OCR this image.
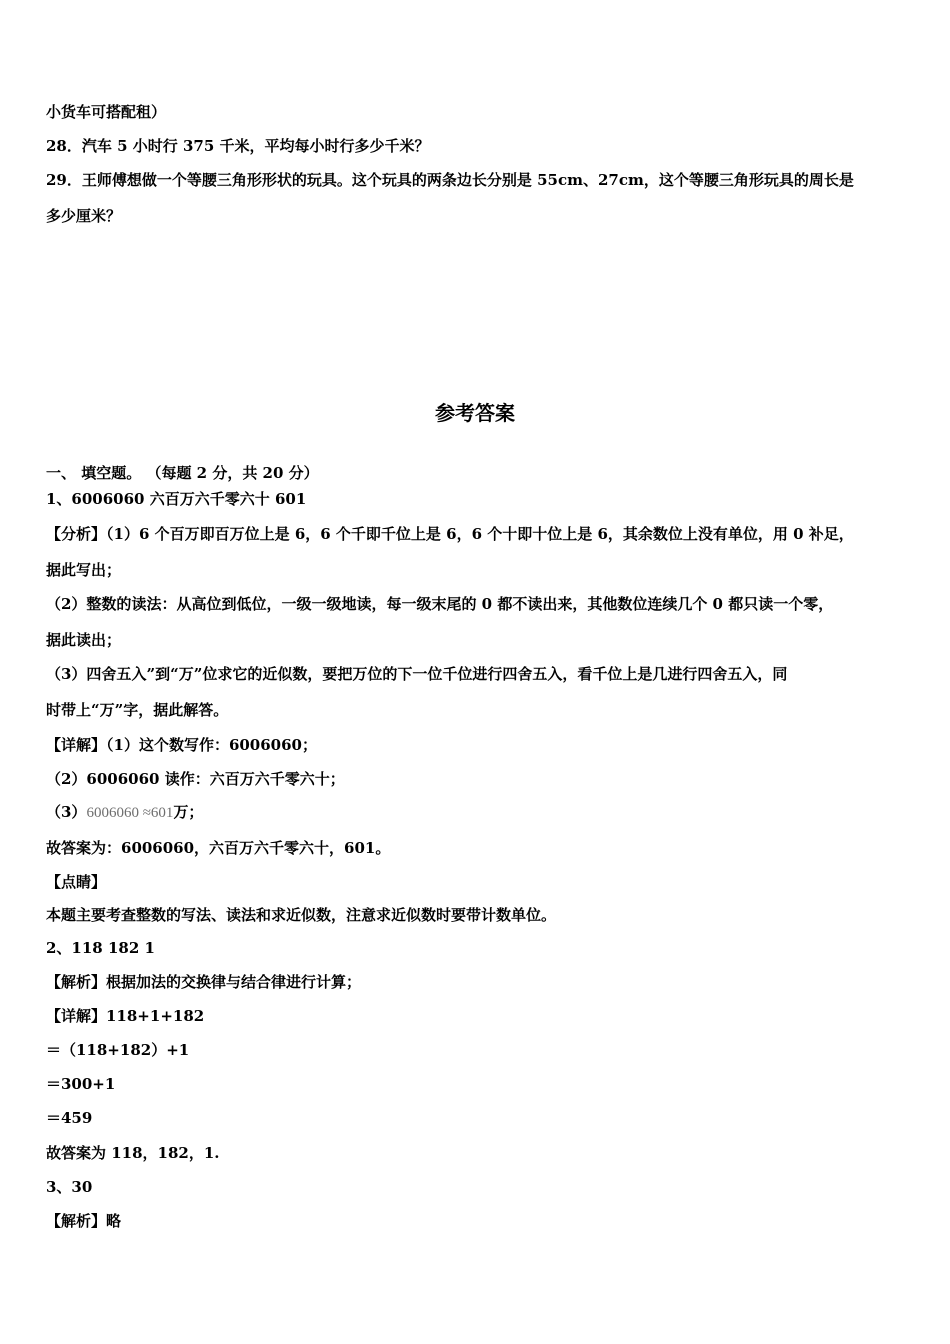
小货车可搭配租）
28．汽车 5 小时行 375 千米，平均每小时行多少千米？
29．王师傅想做一个等腰三角形形状的玩具。这个玩具的两条边长分别是 55cm、27cm，这个等腰三角形玩具的周长是
多少厘米？
参考答案
一、 填空题。 （每题 2 分，共 20 分）
1、6006060 六百万六千零六十 601
【分析】（1）6 个百万即百万位上是 6，6 个千即千位上是 6，6 个十即十位上是 6，其余数位上没有单位，用 0 补足，
据此写出；
（2）整数的读法：从高位到低位，一级一级地读，每一级末尾的 0 都不读出来，其他数位连续几个 0 都只读一个零，
据此读出；
（3）四舍五入”到“万”位求它的近似数，要把万位的下一位千位进行四舍五入，看千位上是几进行四舍五入，同
时带上“万”字，据此解答。
【详解】（1）这个数写作：6006060；
（2）6006060 读作：六百万六千零六十；
（3）6006060 ≈601万；
故答案为：6006060，六百万六千零六十，601。
【点睛】
本题主要考查整数的写法、读法和求近似数，注意求近似数时要带计数单位。
2、118 182 1
【解析】根据加法的交换律与结合律进行计算；
【详解】118+1+182
＝（118+182）+1
＝300+1
＝459
故答案为 118，182，1.
3、30
【解析】略
